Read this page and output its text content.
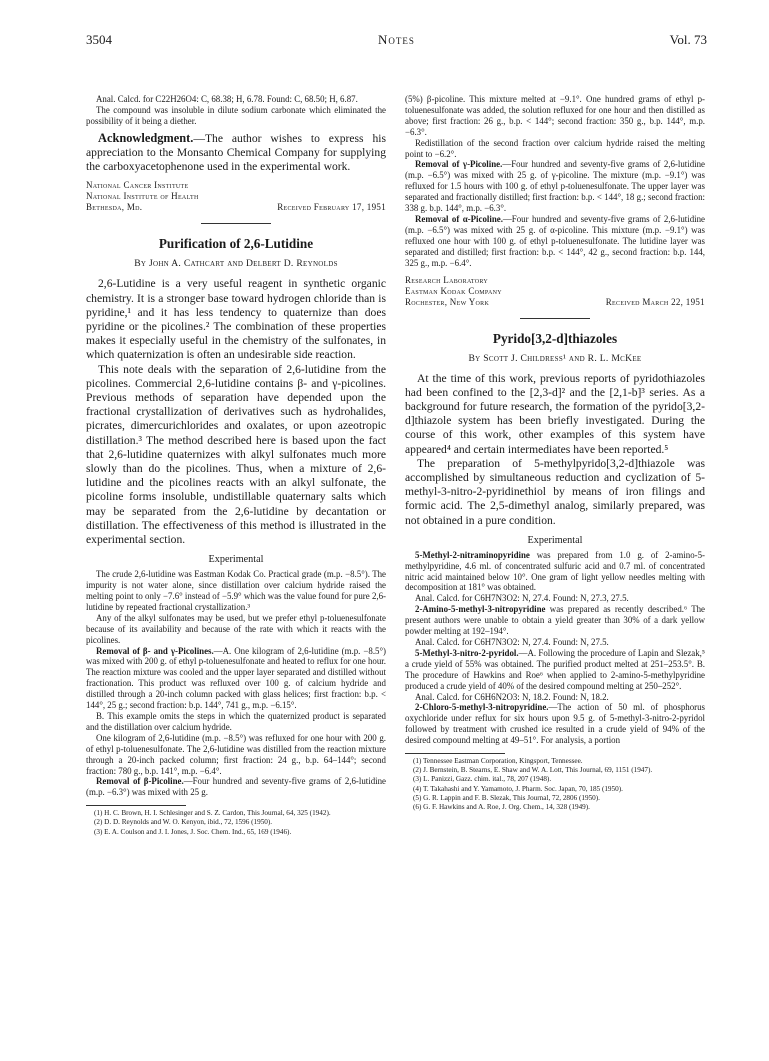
3504	Notes	Vol. 73

Anal. Calcd. for C22H26O4: C, 68.38; H, 6.78. Found: C, 68.50; H, 6.87.

The compound was insoluble in dilute sodium carbonate which eliminated the possibility of it being a diether.

Acknowledgment.—The author wishes to express his appreciation to the Monsanto Chemical Company for supplying the carboxyacetophenone used in the experimental work.

National Cancer Institute
National Institute of Health
Bethesda, Md.	Received February 17, 1951
Purification of 2,6-Lutidine
By John A. Cathcart and Delbert D. Reynolds

2,6-Lutidine is a very useful reagent in synthetic organic chemistry. It is a stronger base toward hydrogen chloride than is pyridine,¹ and it has less tendency to quaternize than does pyridine or the picolines.² The combination of these properties makes it especially useful in the chemistry of the sulfonates, in which quaternization is often an undesirable side reaction.

This note deals with the separation of 2,6-lutidine from the picolines. Commercial 2,6-lutidine contains β- and γ-picolines. Previous methods of separation have depended upon the fractional crystallization of derivatives such as hydrohalides, picrates, dimercurichlorides and oxalates, or upon azeotropic distillation.³ The method described here is based upon the fact that 2,6-lutidine quaternizes with alkyl sulfonates much more slowly than do the picolines. Thus, when a mixture of 2,6-lutidine and the picolines reacts with an alkyl sulfonate, the picoline forms insoluble, undistillable quaternary salts which may be separated from the 2,6-lutidine by decantation or distillation. The effectiveness of this method is illustrated in the experimental section.

Experimental

The crude 2,6-lutidine was Eastman Kodak Co. Practical grade (m.p. −8.5°). The impurity is not water alone, since distillation over calcium hydride raised the melting point to only −7.6° instead of −5.9° which was the value found for pure 2,6-lutidine by repeated fractional crystallization.³

Any of the alkyl sulfonates may be used, but we prefer ethyl p-toluenesulfonate because of its availability and because of the rate with which it reacts with the picolines.

Removal of β- and γ-Picolines.—A. One kilogram of 2,6-lutidine (m.p. −8.5°) was mixed with 200 g. of ethyl p-toluenesulfonate and heated to reflux for one hour. The reaction mixture was cooled and the upper layer separated and distilled without fractionation. This product was refluxed over 100 g. of calcium hydride and distilled through a 20-inch column packed with glass helices; first fraction: b.p. < 144°, 25 g.; second fraction: b.p. 144°, 741 g., m.p. −6.15°.

B. This example omits the steps in which the quaternized product is separated and the distillation over calcium hydride.

One kilogram of 2,6-lutidine (m.p. −8.5°) was refluxed for one hour with 200 g. of ethyl p-toluenesulfonate. The 2,6-lutidine was distilled from the reaction mixture through a 20-inch packed column; first fraction: 24 g., b.p. 64–144°; second fraction: 780 g., b.p. 141°, m.p. −6.4°.

Removal of β-Picoline.—Four hundred and seventy-five grams of 2,6-lutidine (m.p. −6.3°) was mixed with 25 g.

(1) H. C. Brown, H. I. Schlesinger and S. Z. Cardon, This Journal, 64, 325 (1942).

(2) D. D. Reynolds and W. O. Kenyon, ibid., 72, 1596 (1950).

(3) E. A. Coulson and J. I. Jones, J. Soc. Chem. Ind., 65, 169 (1946).

(5%) β-picoline. This mixture melted at −9.1°. One hundred grams of ethyl p-toluenesulfonate was added, the solution refluxed for one hour and then distilled as above; first fraction: 26 g., b.p. < 144°; second fraction: 350 g., b.p. 144°, m.p. −6.3°.

Redistillation of the second fraction over calcium hydride raised the melting point to −6.2°.

Removal of γ-Picoline.—Four hundred and seventy-five grams of 2,6-lutidine (m.p. −6.5°) was mixed with 25 g. of γ-picoline. The mixture (m.p. −9.1°) was refluxed for 1.5 hours with 100 g. of ethyl p-toluenesulfonate. The upper layer was separated and fractionally distilled; first fraction: b.p. < 144°, 18 g.; second fraction: 338 g. b.p. 144°, m.p. −6.3°.

Removal of α-Picoline.—Four hundred and seventy-five grams of 2,6-lutidine (m.p. −6.5°) was mixed with 25 g. of α-picoline. This mixture (m.p. −9.1°) was refluxed one hour with 100 g. of ethyl p-toluenesulfonate. The lutidine layer was separated and distilled; first fraction: b.p. < 144°, 42 g., second fraction: b.p. 144, 325 g., m.p. −6.4°.

Research Laboratory
Eastman Kodak Company
Rochester, New York	Received March 22, 1951
Pyrido[3,2-d]thiazoles
By Scott J. Childress¹ and R. L. McKee

At the time of this work, previous reports of pyridothiazoles had been confined to the [2,3-d]² and the [2,1-b]³ series. As a background for future research, the formation of the pyrido[3,2-d]thiazole system has been briefly investigated. During the course of this work, other examples of this system have appeared⁴ and certain intermediates have been reported.⁵

The preparation of 5-methylpyrido[3,2-d]thiazole was accomplished by simultaneous reduction and cyclization of 5-methyl-3-nitro-2-pyridinethiol by means of iron filings and formic acid. The 2,5-dimethyl analog, similarly prepared, was not obtained in a pure condition.

Experimental

5-Methyl-2-nitraminopyridine was prepared from 1.0 g. of 2-amino-5-methylpyridine, 4.6 ml. of concentrated sulfuric acid and 0.7 ml. of concentrated nitric acid maintained below 10°. One gram of light yellow needles melting with decomposition at 181° was obtained.

Anal. Calcd. for C6H7N3O2: N, 27.4. Found: N, 27.3, 27.5.

2-Amino-5-methyl-3-nitropyridine was prepared as recently described.⁶ The present authors were unable to obtain a yield greater than 30% of a dark yellow powder melting at 192–194°.

Anal. Calcd. for C6H7N3O2: N, 27.4. Found: N, 27.5.

5-Methyl-3-nitro-2-pyridol.—A. Following the procedure of Lapin and Slezak,⁵ a crude yield of 55% was obtained. The purified product melted at 251–253.5°. B. The procedure of Hawkins and Roe⁶ when applied to 2-amino-5-methylpyridine produced a crude yield of 40% of the desired compound melting at 250–252°.

Anal. Calcd. for C6H6N2O3: N, 18.2. Found: N, 18.2.

2-Chloro-5-methyl-3-nitropyridine.—The action of 50 ml. of phosphorus oxychloride under reflux for six hours upon 9.5 g. of 5-methyl-3-nitro-2-pyridol followed by treatment with crushed ice resulted in a crude yield of 94% of the desired compound melting at 49–51°. For analysis, a portion

(1) Tennessee Eastman Corporation, Kingsport, Tennessee.

(2) J. Bernstein, B. Stearns, E. Shaw and W. A. Lott, This Journal, 69, 1151 (1947).

(3) L. Panizzi, Gazz. chim. ital., 78, 207 (1948).

(4) T. Takahashi and Y. Yamamoto, J. Pharm. Soc. Japan, 70, 185 (1950).

(5) G. R. Lappin and F. B. Slezak, This Journal, 72, 2806 (1950).

(6) G. F. Hawkins and A. Roe, J. Org. Chem., 14, 328 (1949).
